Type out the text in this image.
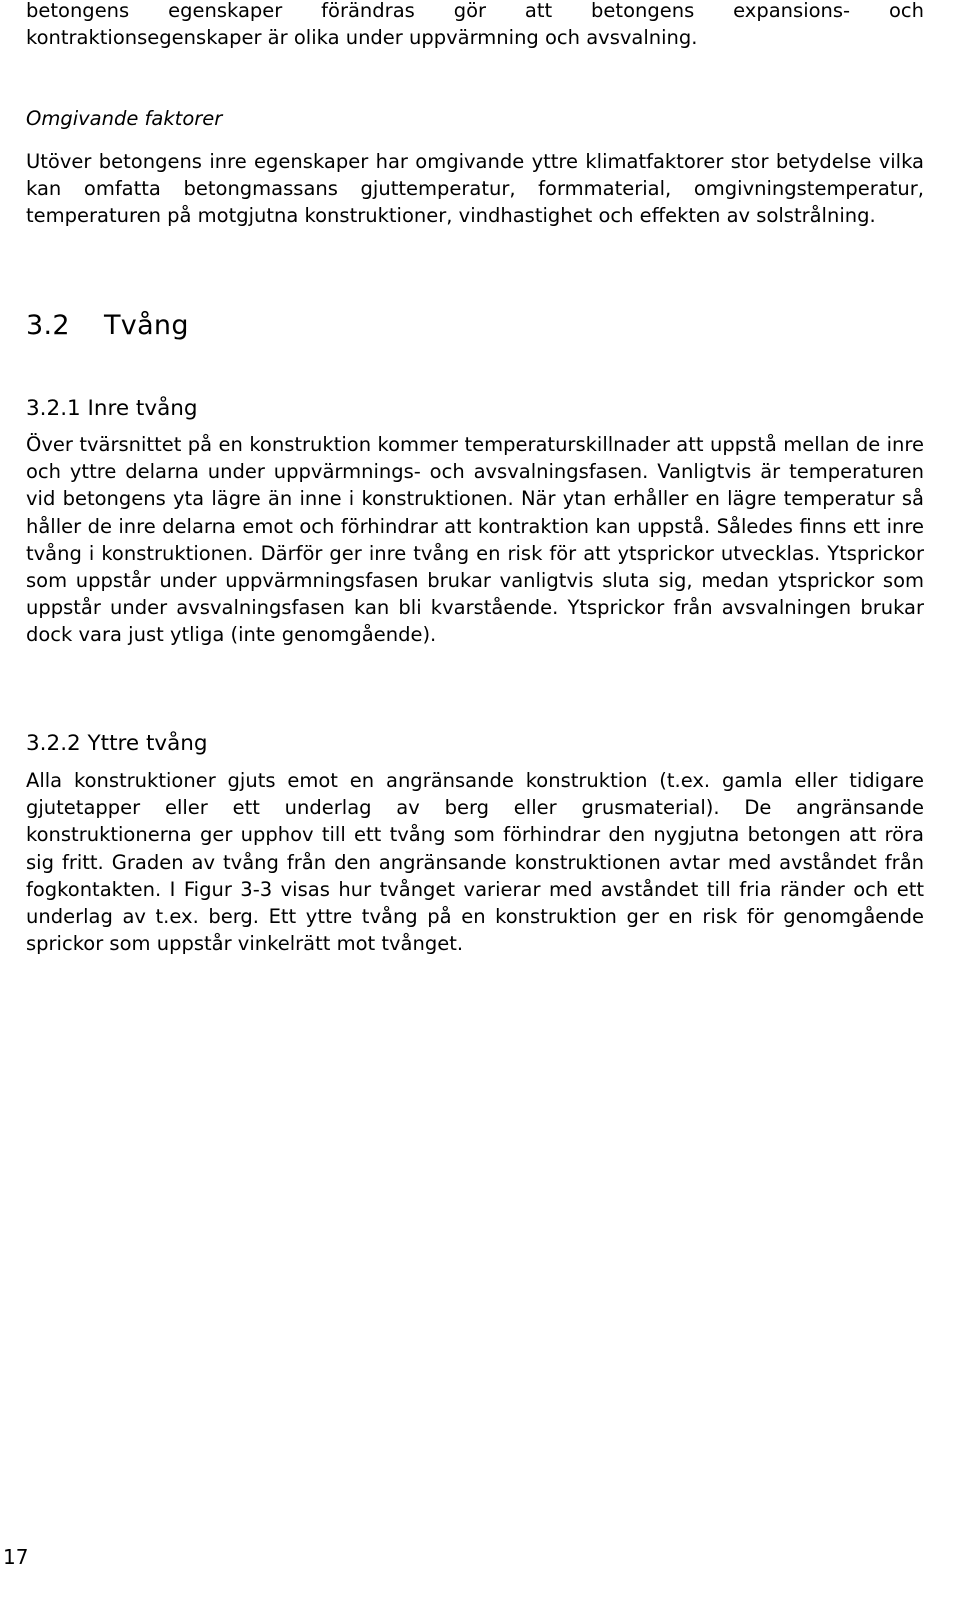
betongens egenskaper förändras gör att betongens expansions- och kontraktionsegenskaper är olika under uppvärmning och avsvalning.

Omgivande faktorer

Utöver betongens inre egenskaper har omgivande yttre klimatfaktorer stor betydelse vilka kan omfatta betongmassans gjuttemperatur, formmaterial, omgivningstemperatur, temperaturen på motgjutna konstruktioner, vindhastighet och effekten av solstrålning.

3.2 Tvång
3.2.1 Inre tvång

Över tvärsnittet på en konstruktion kommer temperaturskillnader att uppstå mellan de inre och yttre delarna under uppvärmnings- och avsvalningsfasen. Vanligtvis är temperaturen vid betongens yta lägre än inne i konstruktionen. När ytan erhåller en lägre temperatur så håller de inre delarna emot och förhindrar att kontraktion kan uppstå. Således finns ett inre tvång i konstruktionen. Därför ger inre tvång en risk för att ytsprickor utvecklas. Ytsprickor som uppstår under uppvärmningsfasen brukar vanligtvis sluta sig, medan ytsprickor som uppstår under avsvalningsfasen kan bli kvarstående. Ytsprickor från avsvalningen brukar dock vara just ytliga (inte genomgående).

3.2.2 Yttre tvång

Alla konstruktioner gjuts emot en angränsande konstruktion (t.ex. gamla eller tidigare gjutetapper eller ett underlag av berg eller grusmaterial). De angränsande konstruktionerna ger upphov till ett tvång som förhindrar den nygjutna betongen att röra sig fritt. Graden av tvång från den angränsande konstruktionen avtar med avståndet från fogkontakten. I Figur 3-3 visas hur tvånget varierar med avståndet till fria ränder och ett underlag av t.ex. berg. Ett yttre tvång på en konstruktion ger en risk för genomgående sprickor som uppstår vinkelrätt mot tvånget.

17
